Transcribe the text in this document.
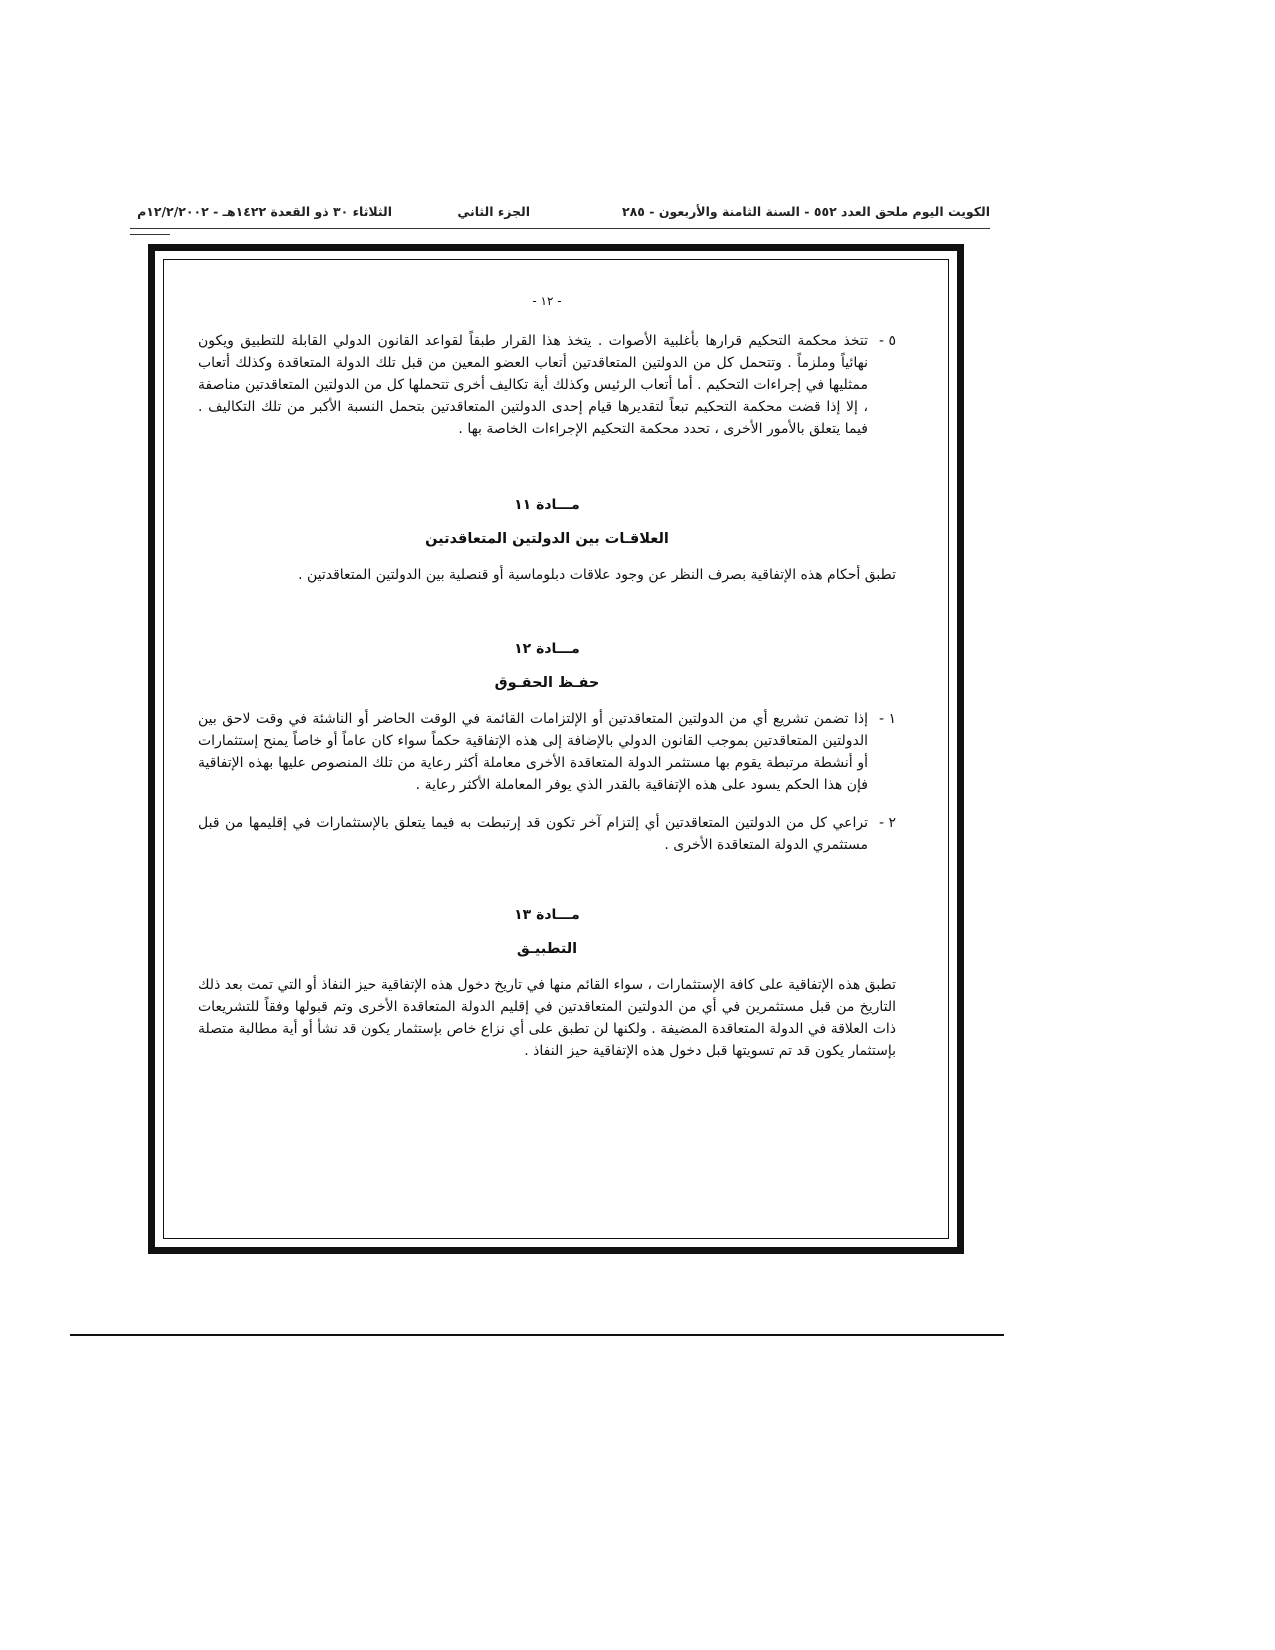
الكويت اليوم ملحق العدد ٥٥٢ - السنة الثامنة والأربعون - ٢٨٥
الجزء الثاني
الثلاثاء ٣٠ ذو القعدة ١٤٢٢هـ - ١٢/٢/٢٠٠٢م
- ١٢ -
٥ -
تتخذ محكمة التحكيم قرارها بأغلبية الأصوات . يتخذ هذا القرار طبقاً لقواعد القانون الدولي القابلة للتطبيق ويكون نهائياً وملزماً . وتتحمل كل من الدولتين المتعاقدتين أتعاب العضو المعين من قبل تلك الدولة المتعاقدة وكذلك أتعاب ممثليها في إجراءات التحكيم . أما أتعاب الرئيس وكذلك أية تكاليف أخرى تتحملها كل من الدولتين المتعاقدتين مناصفة ، إلا إذا قضت محكمة التحكيم تبعاً لتقديرها قيام إحدى الدولتين المتعاقدتين بتحمل النسبة الأكبر من تلك التكاليف . فيما يتعلق بالأمور الأخرى ، تحدد محكمة التحكيم الإجراءات الخاصة بها .
مـــادة ١١
العلاقـات بين الدولتين المتعاقدتين
تطبق أحكام هذه الإتفاقية بصرف النظر عن وجود علاقات دبلوماسية أو قنصلية بين الدولتين المتعاقدتين .
مـــادة ١٢
حفـظ الحقـوق
١ -
إذا تضمن تشريع أي من الدولتين المتعاقدتين أو الإلتزامات القائمة في الوقت الحاضر أو الناشئة في وقت لاحق بين الدولتين المتعاقدتين بموجب القانون الدولي بالإضافة إلى هذه الإتفاقية حكماً سواء كان عاماً أو خاصاً يمنح إستثمارات أو أنشطة مرتبطة يقوم بها مستثمر الدولة المتعاقدة الأخرى معاملة أكثر رعاية من تلك المنصوص عليها بهذه الإتفاقية فإن هذا الحكم يسود على هذه الإتفاقية بالقدر الذي يوفر المعاملة الأكثر رعاية .
٢ -
تراعي كل من الدولتين المتعاقدتين أي إلتزام آخر تكون قد إرتبطت به فيما يتعلق بالإستثمارات في إقليمها من قبل مستثمري الدولة المتعاقدة الأخرى .
مـــادة ١٣
التطبيـق
تطبق هذه الإتفاقية على كافة الإستثمارات ، سواء القائم منها في تاريخ دخول هذه الإتفاقية حيز النفاذ أو التي تمت بعد ذلك التاريخ من قبل مستثمرين في أي من الدولتين المتعاقدتين في إقليم الدولة المتعاقدة الأخرى وتم قبولها وفقاً للتشريعات ذات العلاقة في الدولة المتعاقدة المضيفة . ولكنها لن تطبق على أي نزاع خاص بإستثمار يكون قد نشأ أو أية مطالبة متصلة بإستثمار يكون قد تم تسويتها قبل دخول هذه الإتفاقية حيز النفاذ .
